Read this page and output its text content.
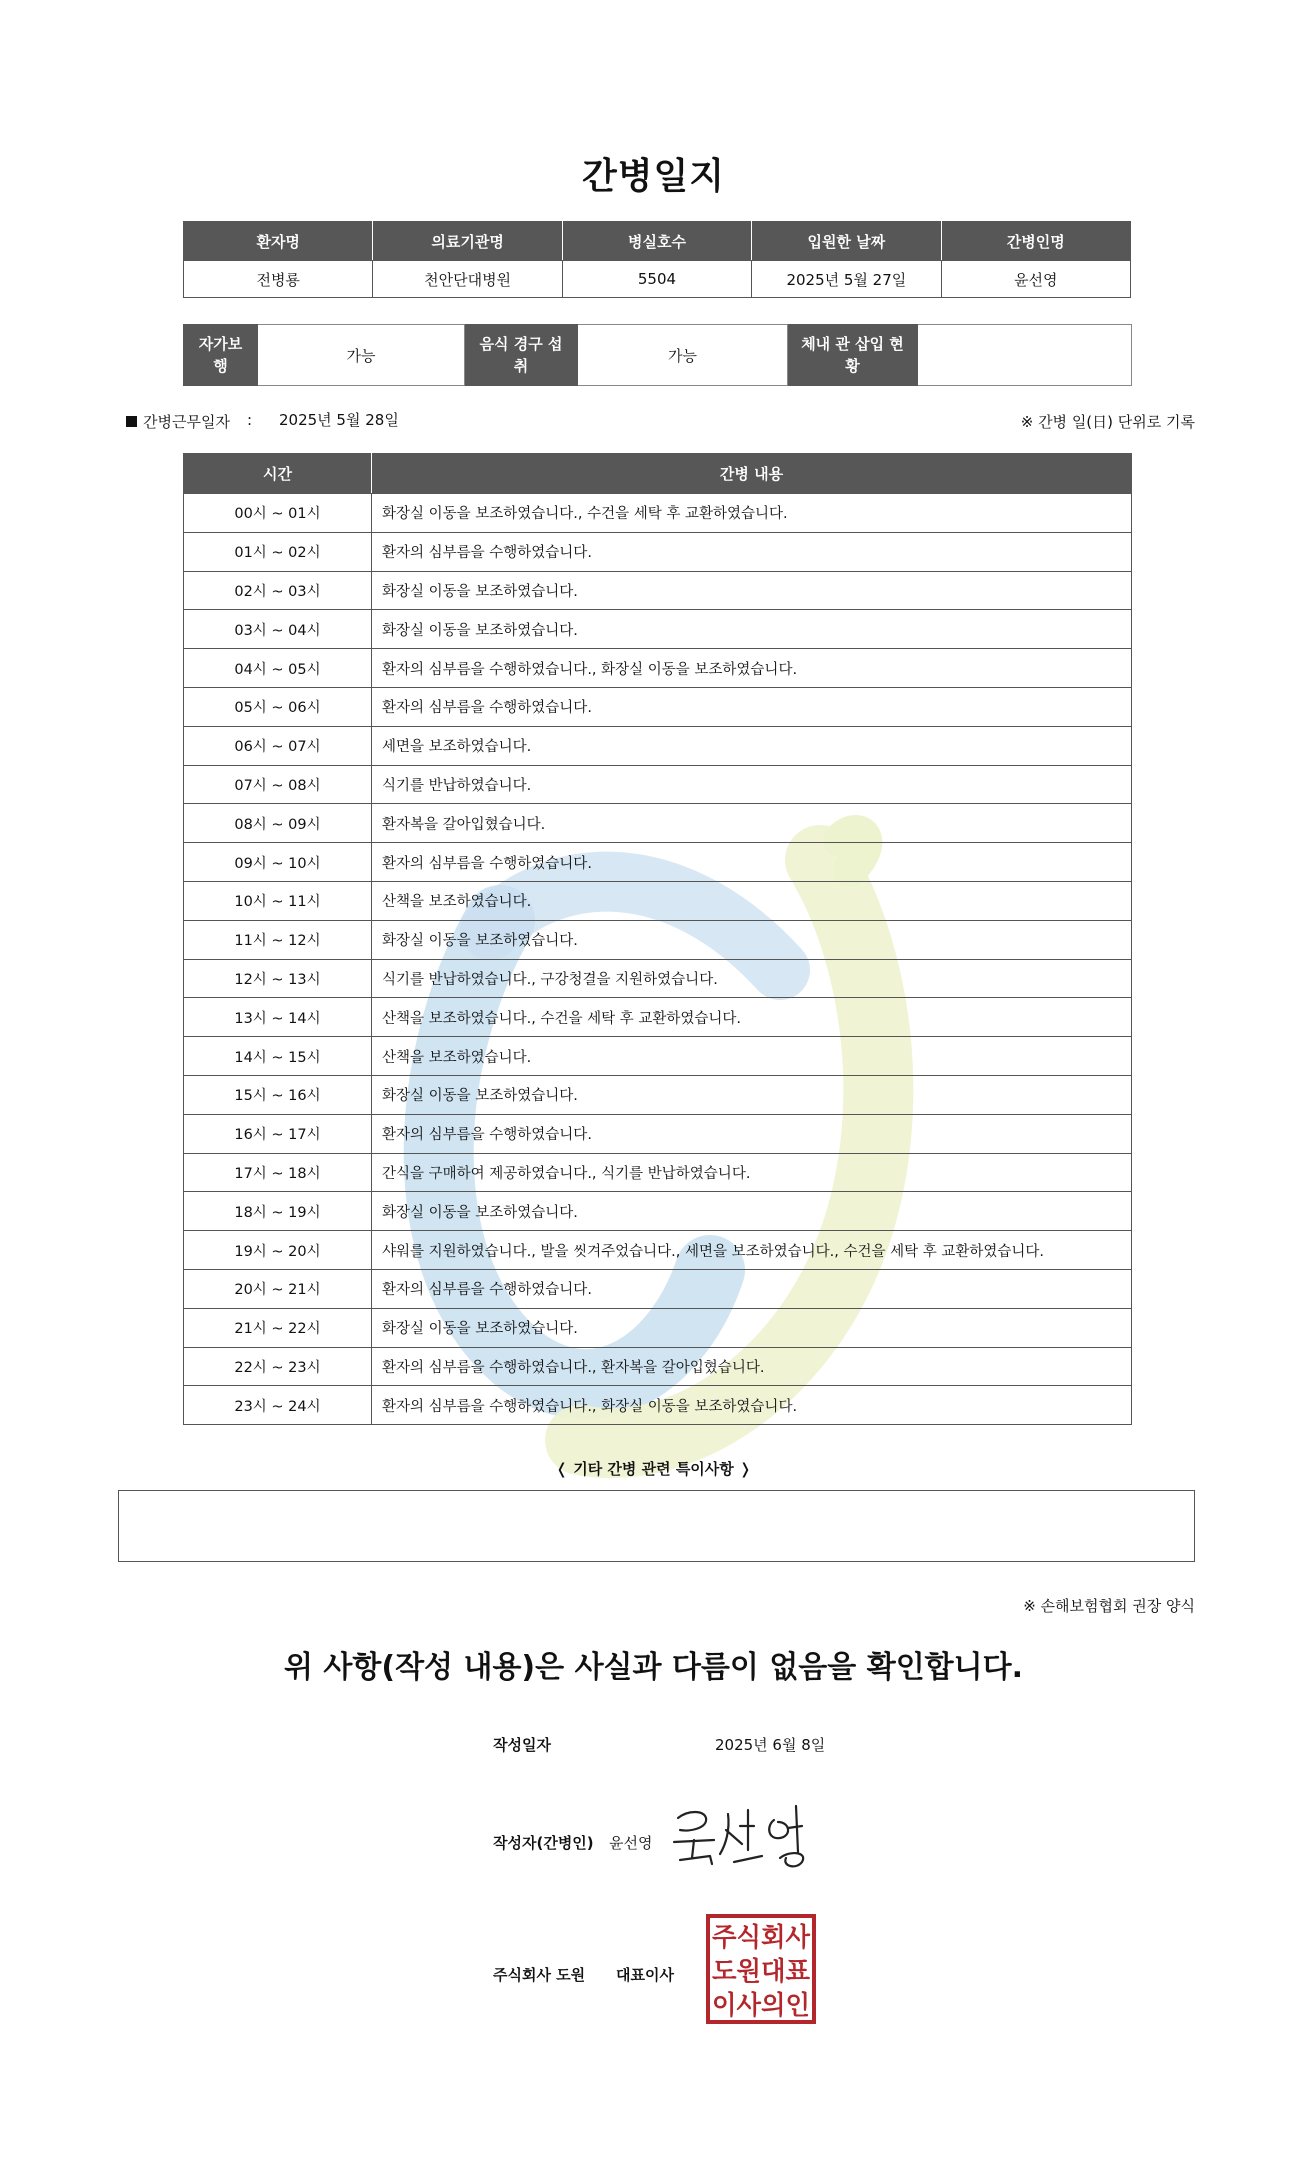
간병일지
환자명	의료기관명	병실호수	입원한 날짜	간병인명
전병룡	천안단대병원	5504	2025년 5월 27일	윤선영
자가보행	가능	음식 경구 섭취	가능	체내 관 삽입 현황	
간병근무일자 : 2025년 5월 28일	※ 간병 일(日) 단위로 기록
시간	간병 내용
00시 ~ 01시	화장실 이동을 보조하였습니다., 수건을 세탁 후 교환하였습니다.
01시 ~ 02시	환자의 심부름을 수행하였습니다.
02시 ~ 03시	화장실 이동을 보조하였습니다.
03시 ~ 04시	화장실 이동을 보조하였습니다.
04시 ~ 05시	환자의 심부름을 수행하였습니다., 화장실 이동을 보조하였습니다.
05시 ~ 06시	환자의 심부름을 수행하였습니다.
06시 ~ 07시	세면을 보조하였습니다.
07시 ~ 08시	식기를 반납하였습니다.
08시 ~ 09시	환자복을 갈아입혔습니다.
09시 ~ 10시	환자의 심부름을 수행하였습니다.
10시 ~ 11시	산책을 보조하였습니다.
11시 ~ 12시	화장실 이동을 보조하였습니다.
12시 ~ 13시	식기를 반납하였습니다., 구강청결을 지원하였습니다.
13시 ~ 14시	산책을 보조하였습니다., 수건을 세탁 후 교환하였습니다.
14시 ~ 15시	산책을 보조하였습니다.
15시 ~ 16시	화장실 이동을 보조하였습니다.
16시 ~ 17시	환자의 심부름을 수행하였습니다.
17시 ~ 18시	간식을 구매하여 제공하였습니다., 식기를 반납하였습니다.
18시 ~ 19시	화장실 이동을 보조하였습니다.
19시 ~ 20시	샤워를 지원하였습니다., 발을 씻겨주었습니다., 세면을 보조하였습니다., 수건을 세탁 후 교환하였습니다.
20시 ~ 21시	환자의 심부름을 수행하였습니다.
21시 ~ 22시	화장실 이동을 보조하였습니다.
22시 ~ 23시	환자의 심부름을 수행하였습니다., 환자복을 갈아입혔습니다.
23시 ~ 24시	환자의 심부름을 수행하였습니다., 화장실 이동을 보조하였습니다.
❬ 기타 간병 관련 특이사항 ❭
※ 손해보험협회 권장 양식
위 사항(작성 내용)은 사실과 다름이 없음을 확인합니다.
작성일자	2025년 6월 8일
작성자(간병인) 윤선영
주식회사 도원 대표이사
주식회사
도원대표
이사의인
